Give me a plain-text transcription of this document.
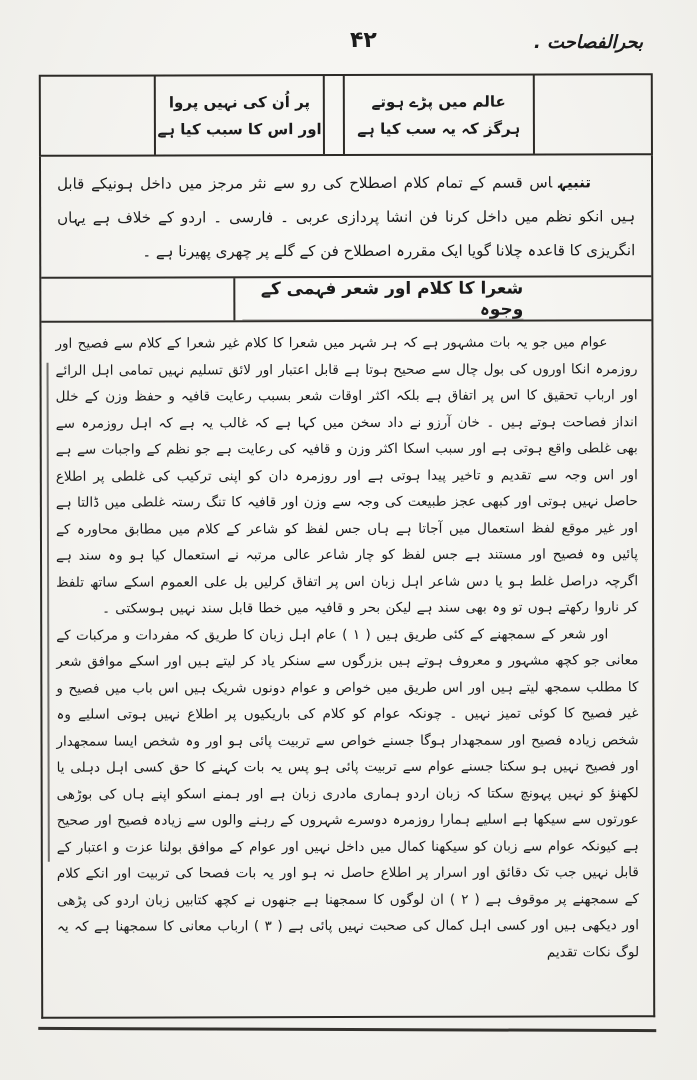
. بحرالفصاحت
۴۲
پر اُن کی نہیں پروا
اور اس کا سبب کیا ہے
عالم میں پڑے ہوتے
ہرگز کہ یہ سب کیا ہے

تنبیہاس قسم کے تمام کلام اصطلاح کی رو سے نثر مرجز میں داخل ہونیکے قابل ہیں انکو نظم میں داخل کرنا فن انشا پردازی عربی ۔ فارسی ۔ اردو کے خلاف ہے یہاں انگریزی کا قاعدہ چلانا گویا ایک مقررہ اصطلاح فن کے گلے پر چھری پھیرنا ہے ۔

شعرا کا کلام اور شعر فہمی کے وجوہ

عوام میں جو یہ بات مشہور ہے کہ ہر شہر میں شعرا کا کلام غیر شعرا کے کلام سے فصیح اور روزمرہ انکا اوروں کی بول چال سے صحیح ہوتا ہے قابل اعتبار اور لائق تسلیم نہیں تمامی اہل الرائے اور ارباب تحقیق کا اس پر اتفاق ہے بلکہ اکثر اوقات شعر بسبب رعایت قافیہ و حفظ وزن کے خلل انداز فصاحت ہوتے ہیں ۔ خان آرزو نے داد سخن میں کہا ہے کہ غالب یہ ہے کہ اہل روزمرہ سے بھی غلطی واقع ہوتی ہے اور سبب اسکا اکثر وزن و قافیہ کی رعایت ہے جو نظم کے واجبات سے ہے اور اس وجہ سے تقدیم و تاخیر پیدا ہوتی ہے اور روزمرہ دان کو اپنی ترکیب کی غلطی پر اطلاع حاصل نہیں ہوتی اور کبھی عجز طبیعت کی وجہ سے وزن اور قافیہ کا تنگ رستہ غلطی میں ڈالتا ہے اور غیر موقع لفظ استعمال میں آجاتا ہے ہاں جس لفظ کو شاعر کے کلام میں مطابق محاورہ کے پائیں وہ فصیح اور مستند ہے جس لفظ کو چار شاعر عالی مرتبہ نے استعمال کیا ہو وہ سند ہے اگرچہ دراصل غلط ہو یا دس شاعر اہل زبان اس پر اتفاق کرلیں بل علی العموم اسکے ساتھ تلفظ کر ناروا رکھتے ہوں تو وہ بھی سند ہے لیکن بحر و قافیہ میں خطا قابل سند نہیں ہوسکتی ۔

اور شعر کے سمجھنے کے کئی طریق ہیں ( ۱ ) عام اہل زبان کا طریق کہ مفردات و مرکبات کے معانی جو کچھ مشہور و معروف ہوتے ہیں بزرگوں سے سنکر یاد کر لیتے ہیں اور اسکے موافق شعر کا مطلب سمجھ لیتے ہیں اور اس طریق میں خواص و عوام دونوں شریک ہیں اس باب میں فصیح و غیر فصیح کا کوئی تمیز نہیں ۔ چونکہ عوام کو کلام کی باریکیوں پر اطلاع نہیں ہوتی اسلیے وہ شخص زیادہ فصیح اور سمجھدار ہوگا جسنے خواص سے تربیت پائی ہو اور وہ شخص ایسا سمجھدار اور فصیح نہیں ہو سکتا جسنے عوام سے تربیت پائی ہو پس یہ بات کہنے کا حق کسی اہل دہلی یا لکھنؤ کو نہیں پہونچ سکتا کہ زبان اردو ہماری مادری زبان ہے اور ہمنے اسکو اپنے ہاں کی بوڑھی عورتوں سے سیکھا ہے اسلیے ہمارا روزمرہ دوسرے شہروں کے رہنے والوں سے زیادہ فصیح اور صحیح ہے کیونکہ عوام سے زبان کو سیکھنا کمال میں داخل نہیں اور عوام کے موافق بولنا عزت و اعتبار کے قابل نہیں جب تک دقائق اور اسرار پر اطلاع حاصل نہ ہو اور یہ بات فصحا کی تربیت اور انکے کلام کے سمجھنے پر موقوف ہے ( ۲ ) ان لوگوں کا سمجھنا ہے جنھوں نے کچھ کتابیں زبان اردو کی پڑھی اور دیکھی ہیں اور کسی اہل کمال کی صحبت نہیں پائی ہے ( ۳ ) ارباب معانی کا سمجھنا ہے کہ یہ لوگ نکات تقدیم
